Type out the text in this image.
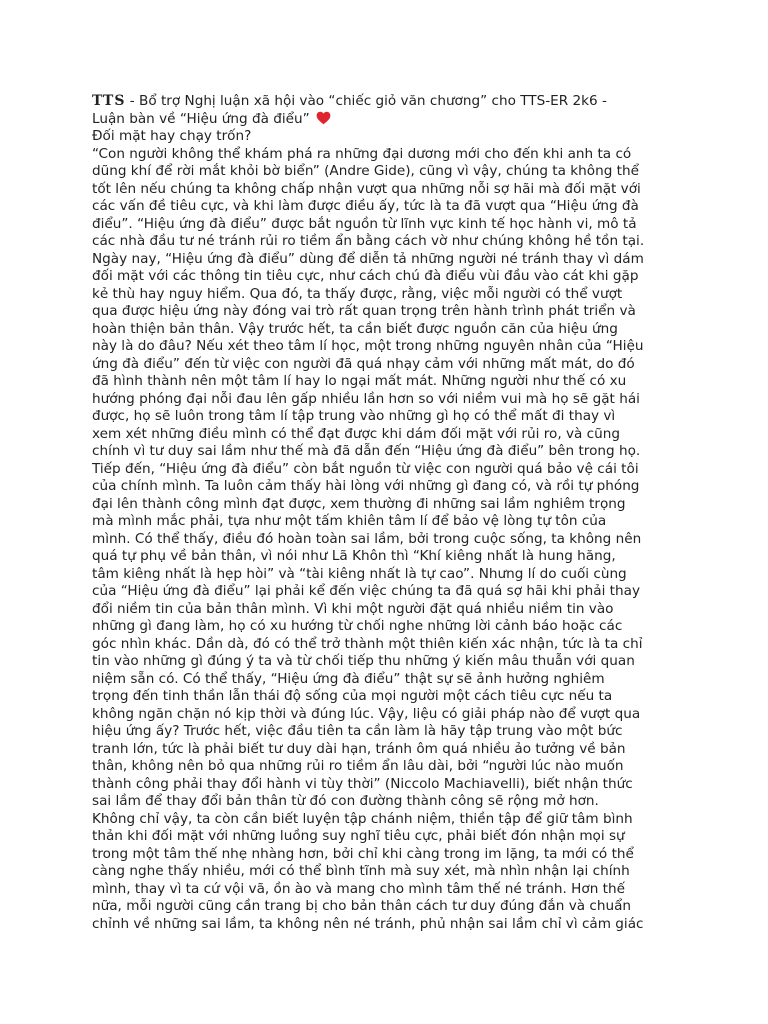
TTS - Bổ trợ Nghị luận xã hội vào “chiếc giỏ văn chương” cho TTS-ER 2k6 -
Luận bàn về “Hiệu ứng đà điểu”
Đối mặt hay chạy trốn?
“Con người không thể khám phá ra những đại dương mới cho đến khi anh ta có
dũng khí để rời mắt khỏi bờ biển” (Andre Gide), cũng vì vậy, chúng ta không thể
tốt lên nếu chúng ta không chấp nhận vượt qua những nỗi sợ hãi mà đối mặt với
các vấn đề tiêu cực, và khi làm được điều ấy, tức là ta đã vượt qua “Hiệu ứng đà
điểu”. “Hiệu ứng đà điểu” được bắt nguồn từ lĩnh vực kinh tế học hành vi, mô tả
các nhà đầu tư né tránh rủi ro tiềm ẩn bằng cách vờ như chúng không hề tồn tại.
Ngày nay, “Hiệu ứng đà điểu” dùng để diễn tả những người né tránh thay vì dám
đối mặt với các thông tin tiêu cực, như cách chú đà điểu vùi đầu vào cát khi gặp
kẻ thù hay nguy hiểm. Qua đó, ta thấy được, rằng, việc mỗi người có thể vượt
qua được hiệu ứng này đóng vai trò rất quan trọng trên hành trình phát triển và
hoàn thiện bản thân. Vậy trước hết, ta cần biết được nguồn căn của hiệu ứng
này là do đâu? Nếu xét theo tâm lí học, một trong những nguyên nhân của “Hiệu
ứng đà điểu” đến từ việc con người đã quá nhạy cảm với những mất mát, do đó
đã hình thành nên một tâm lí hay lo ngại mất mát. Những người như thế có xu
hướng phóng đại nỗi đau lên gấp nhiều lần hơn so với niềm vui mà họ sẽ gặt hái
được, họ sẽ luôn trong tâm lí tập trung vào những gì họ có thể mất đi thay vì
xem xét những điều mình có thể đạt được khi dám đối mặt với rủi ro, và cũng
chính vì tư duy sai lầm như thế mà đã dẫn đến “Hiệu ứng đà điểu” bên trong họ.
Tiếp đến, “Hiệu ứng đà điểu” còn bắt nguồn từ việc con người quá bảo vệ cái tôi
của chính mình. Ta luôn cảm thấy hài lòng với những gì đang có, và rồi tự phóng
đại lên thành công mình đạt được, xem thường đi những sai lầm nghiêm trọng
mà mình mắc phải, tựa như một tấm khiên tâm lí để bảo vệ lòng tự tôn của
mình. Có thể thấy, điều đó hoàn toàn sai lầm, bởi trong cuộc sống, ta không nên
quá tự phụ về bản thân, vì nói như Lã Khôn thì “Khí kiêng nhất là hung hăng,
tâm kiêng nhất là hẹp hòi” và “tài kiêng nhất là tự cao”. Nhưng lí do cuối cùng
của “Hiệu ứng đà điểu” lại phải kể đến việc chúng ta đã quá sợ hãi khi phải thay
đổi niềm tin của bản thân mình. Vì khi một người đặt quá nhiều niềm tin vào
những gì đang làm, họ có xu hướng từ chối nghe những lời cảnh báo hoặc các
góc nhìn khác. Dần dà, đó có thể trở thành một thiên kiến xác nhận, tức là ta chỉ
tin vào những gì đúng ý ta và từ chối tiếp thu những ý kiến mâu thuẫn với quan
niệm sẵn có. Có thể thấy, “Hiệu ứng đà điểu” thật sự sẽ ảnh hưởng nghiêm
trọng đến tinh thần lẫn thái độ sống của mọi người một cách tiêu cực nếu ta
không ngăn chặn nó kịp thời và đúng lúc. Vậy, liệu có giải pháp nào để vượt qua
hiệu ứng ấy? Trước hết, việc đầu tiên ta cần làm là hãy tập trung vào một bức
tranh lớn, tức là phải biết tư duy dài hạn, tránh ôm quá nhiều ảo tưởng về bản
thân, không nên bỏ qua những rủi ro tiềm ẩn lâu dài, bởi “người lúc nào muốn
thành công phải thay đổi hành vi tùy thời” (Niccolo Machiavelli), biết nhận thức
sai lầm để thay đổi bản thân từ đó con đường thành công sẽ rộng mở hơn.
Không chỉ vậy, ta còn cần biết luyện tập chánh niệm, thiền tập để giữ tâm bình
thản khi đối mặt với những luồng suy nghĩ tiêu cực, phải biết đón nhận mọi sự
trong một tâm thế nhẹ nhàng hơn, bởi chỉ khi càng trong im lặng, ta mới có thể
càng nghe thấy nhiều, mới có thể bình tĩnh mà suy xét, mà nhìn nhận lại chính
mình, thay vì ta cứ vội vã, ồn ào và mang cho mình tâm thế né tránh. Hơn thế
nữa, mỗi người cũng cần trang bị cho bản thân cách tư duy đúng đắn và chuẩn
chỉnh về những sai lầm, ta không nên né tránh, phủ nhận sai lầm chỉ vì cảm giác
